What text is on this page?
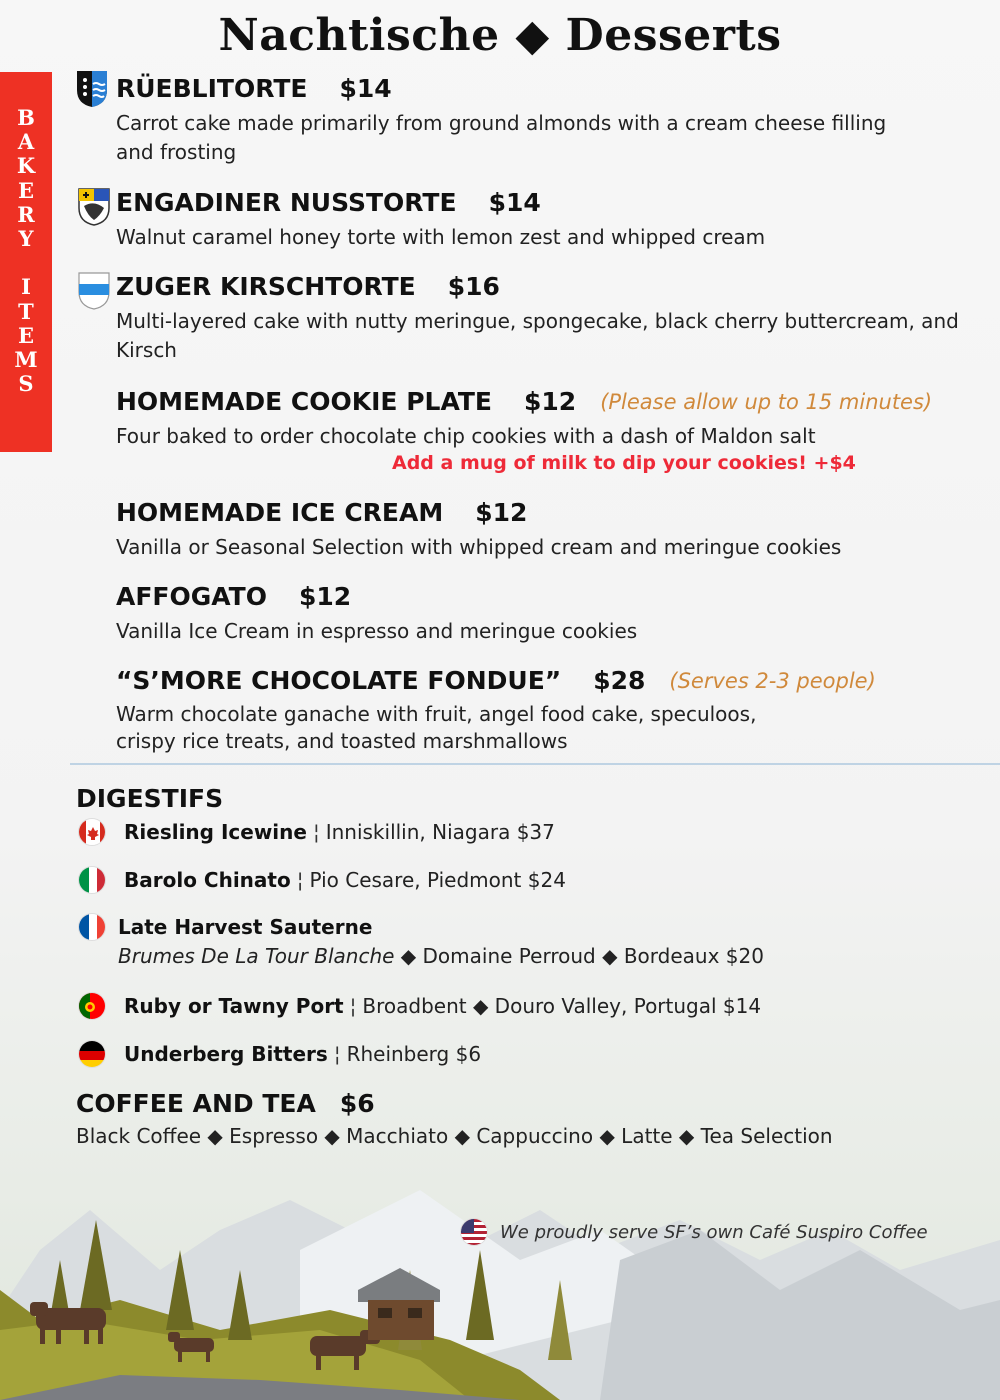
Nachtische ◆ Desserts
B
A
K
E
R
Y

I
T
E
M
S
RÜEBLITORTE $14
Carrot cake made primarily from ground almonds with a cream cheese filling and frosting
ENGADINER NUSSTORTE $14
Walnut caramel honey torte with lemon zest and whipped cream
ZUGER KIRSCHTORTE $16
Multi-layered cake with nutty meringue, spongecake, black cherry buttercream, and Kirsch
HOMEMADE COOKIE PLATE $12 (Please allow up to 15 minutes)
Four baked to order chocolate chip cookies with a dash of Maldon salt
Add a mug of milk to dip your cookies! +$4
HOMEMADE ICE CREAM $12
Vanilla or Seasonal Selection with whipped cream and meringue cookies
AFFOGATO $12
Vanilla Ice Cream in espresso and meringue cookies
“S’MORE CHOCOLATE FONDUE” $28 (Serves 2-3 people)
Warm chocolate ganache with fruit, angel food cake, speculoos,
crispy rice treats, and toasted marshmallows
DIGESTIFS
Riesling Icewine ¦ Inniskillin, Niagara $37
Barolo Chinato ¦ Pio Cesare, Piedmont $24
Late Harvest Sauterne
Brumes De La Tour Blanche ◆ Domaine Perroud ◆ Bordeaux $20
Ruby or Tawny Port ¦ Broadbent ◆ Douro Valley, Portugal $14
Underberg Bitters ¦ Rheinberg $6
COFFEE AND TEA $6
Black Coffee ◆ Espresso ◆ Macchiato ◆ Cappuccino ◆ Latte ◆ Tea Selection
We proudly serve SF’s own Café Suspiro Coffee
